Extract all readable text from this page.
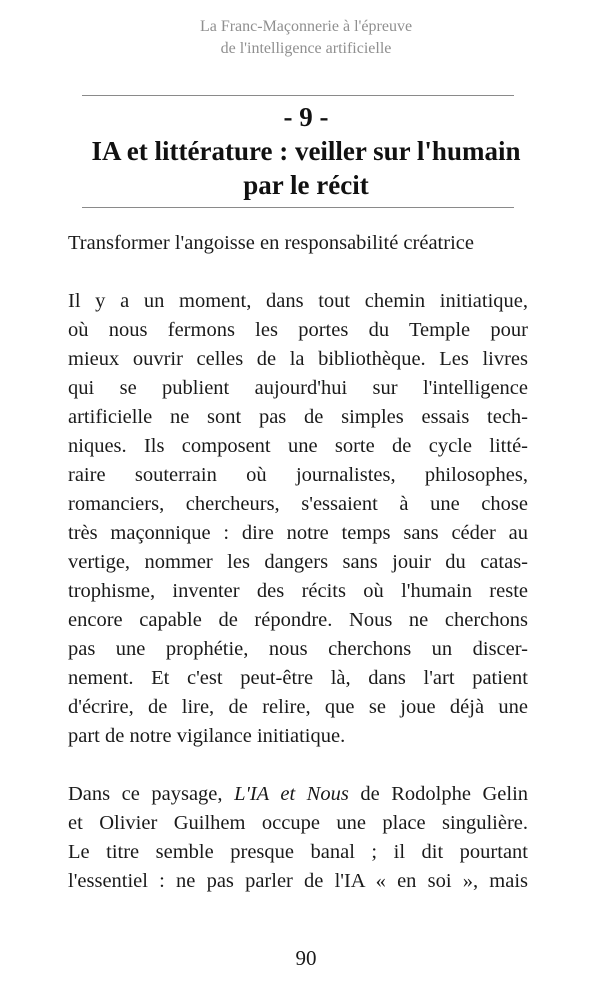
La Franc-Maçonnerie à l'épreuve
de l'intelligence artificielle
- 9 -
IA et littérature : veiller sur l'humain
par le récit
Transformer l'angoisse en responsabilité créatrice
Il y a un moment, dans tout chemin initiatique,
où nous fermons les portes du Temple pour
mieux ouvrir celles de la bibliothèque. Les livres
qui se publient aujourd'hui sur l'intelligence
artificielle ne sont pas de simples essais tech-
niques. Ils composent une sorte de cycle litté-
raire souterrain où journalistes, philosophes,
romanciers, chercheurs, s'essaient à une chose
très maçonnique : dire notre temps sans céder au
vertige, nommer les dangers sans jouir du catas-
trophisme, inventer des récits où l'humain reste
encore capable de répondre. Nous ne cherchons
pas une prophétie, nous cherchons un discer-
nement. Et c'est peut-être là, dans l'art patient
d'écrire, de lire, de relire, que se joue déjà une
part de notre vigilance initiatique.
Dans ce paysage, L'IA et Nous de Rodolphe Gelin
et Olivier Guilhem occupe une place singulière.
Le titre semble presque banal ; il dit pourtant
l'essentiel : ne pas parler de l'IA « en soi », mais
90
